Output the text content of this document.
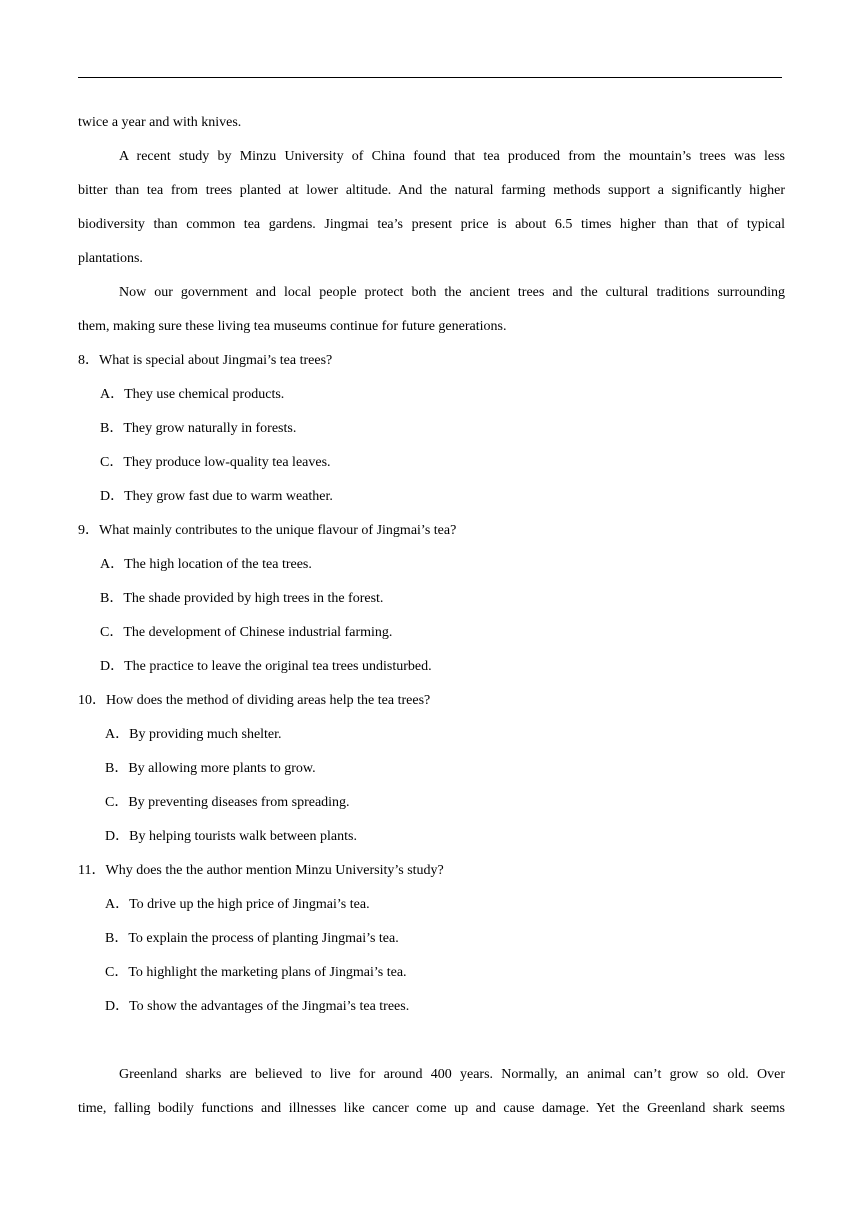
twice a year and with knives.
A recent study by Minzu University of China found that tea produced from the mountain’s trees was less
bitter than tea from trees planted at lower altitude. And the natural farming methods support a significantly higher
biodiversity than common tea gardens. Jingmai tea’s present price is about 6.5 times higher than that of typical
plantations.
Now our government and local people protect both the ancient trees and the cultural traditions surrounding
them, making sure these living tea museums continue for future generations.
8．What is special about Jingmai’s tea trees?
A．They use chemical products.
B．They grow naturally in forests.
C．They produce low-quality tea leaves.
D．They grow fast due to warm weather.
9．What mainly contributes to the unique flavour of Jingmai’s tea?
A．The high location of the tea trees.
B．The shade provided by high trees in the forest.
C．The development of Chinese industrial farming.
D．The practice to leave the original tea trees undisturbed.
10．How does the method of dividing areas help the tea trees?
A．By providing much shelter.
B．By allowing more plants to grow.
C．By preventing diseases from spreading.
D．By helping tourists walk between plants.
11．Why does the the author mention Minzu University’s study?
A．To drive up the high price of Jingmai’s tea.
B．To explain the process of planting Jingmai’s tea.
C．To highlight the marketing plans of Jingmai’s tea.
D．To show the advantages of the Jingmai’s tea trees.
Greenland sharks are believed to live for around 400 years. Normally, an animal can’t grow so old. Over
time, falling bodily functions and illnesses like cancer come up and cause damage. Yet the Greenland shark seems
